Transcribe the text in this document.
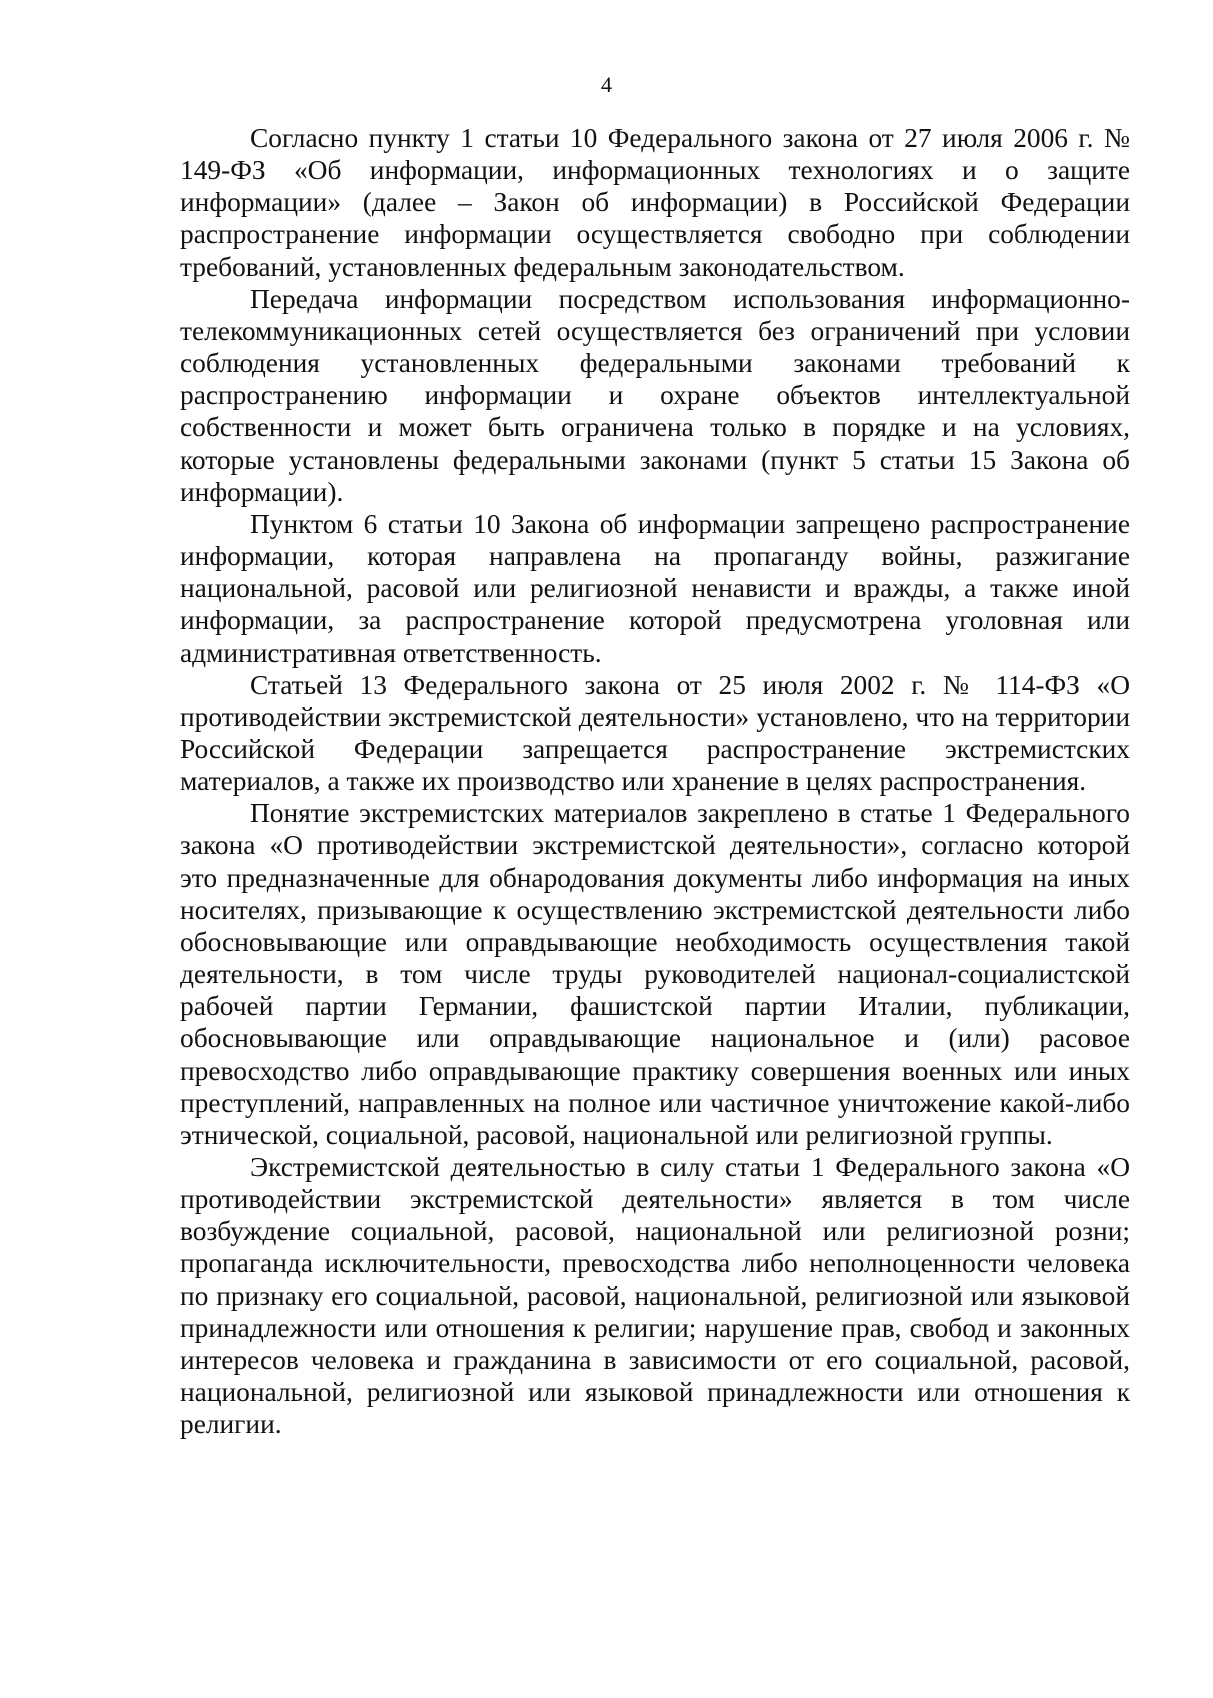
4

Согласно пункту 1 статьи 10 Федерального закона от 27 июля 2006 г. № 149-ФЗ «Об информации, информационных технологиях и о защите информации» (далее – Закон об информации) в Российской Федерации распространение информации осуществляется свободно при соблюдении требований, установленных федеральным законодательством.

Передача информации посредством использования информационно-телекоммуникационных сетей осуществляется без ограничений при условии соблюдения установленных федеральными законами требований к распространению информации и охране объектов интеллектуальной собственности и может быть ограничена только в порядке и на условиях, которые установлены федеральными законами (пункт 5 статьи 15 Закона об информации).

Пунктом 6 статьи 10 Закона об информации запрещено распространение информации, которая направлена на пропаганду войны, разжигание национальной, расовой или религиозной ненависти и вражды, а также иной информации, за распространение которой предусмотрена уголовная или административная ответственность.

Статьей 13 Федерального закона от 25 июля 2002 г. № 114-ФЗ «О противодействии экстремистской деятельности» установлено, что на территории Российской Федерации запрещается распространение экстремистских материалов, а также их производство или хранение в целях распространения.

Понятие экстремистских материалов закреплено в статье 1 Федерального закона «О противодействии экстремистской деятельности», согласно которой это предназначенные для обнародования документы либо информация на иных носителях, призывающие к осуществлению экстремистской деятельности либо обосновывающие или оправдывающие необходимость осуществления такой деятельности, в том числе труды руководителей национал-социалистской рабочей партии Германии, фашистской партии Италии, публикации, обосновывающие или оправдывающие национальное и (или) расовое превосходство либо оправдывающие практику совершения военных или иных преступлений, направленных на полное или частичное уничтожение какой-либо этнической, социальной, расовой, национальной или религиозной группы.

Экстремистской деятельностью в силу статьи 1 Федерального закона «О противодействии экстремистской деятельности» является в том числе возбуждение социальной, расовой, национальной или религиозной розни; пропаганда исключительности, превосходства либо неполноценности человека по признаку его социальной, расовой, национальной, религиозной или языковой принадлежности или отношения к религии; нарушение прав, свобод и законных интересов человека и гражданина в зависимости от его социальной, расовой, национальной, религиозной или языковой принадлежности или отношения к религии.
